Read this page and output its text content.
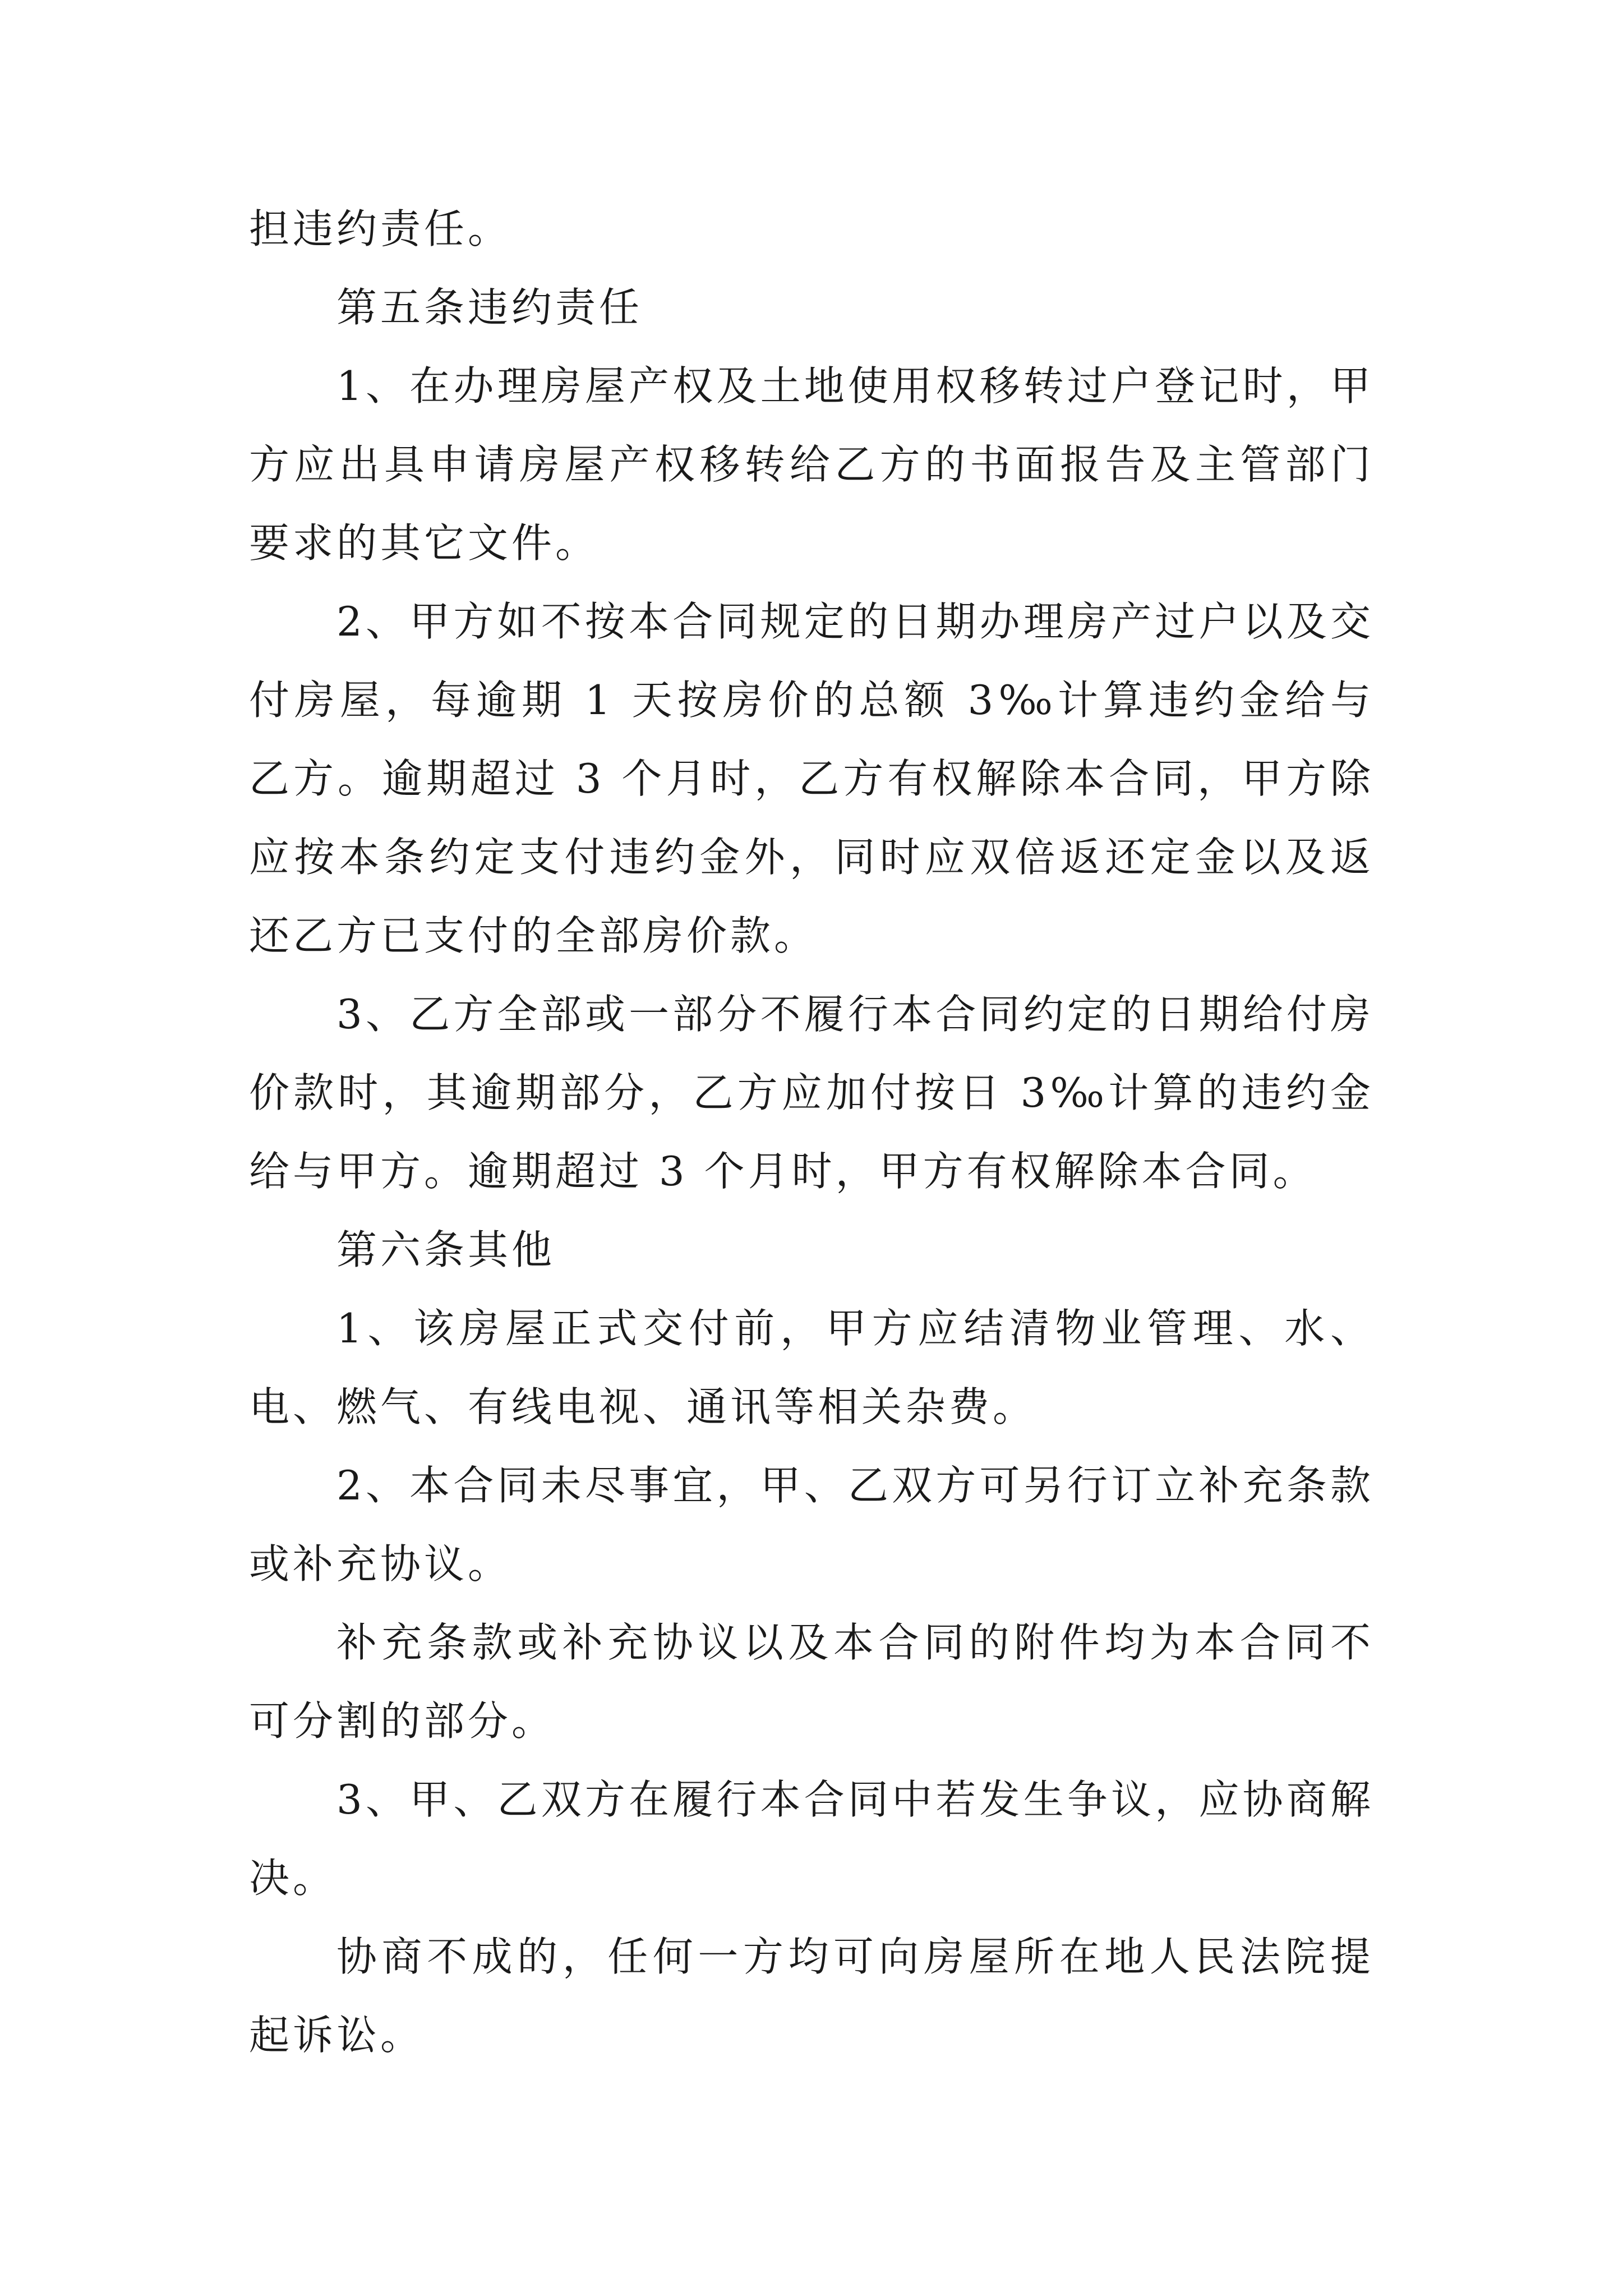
担违约责任。

第五条违约责任

1、在办理房屋产权及土地使用权移转过户登记时，甲方应出具申请房屋产权移转给乙方的书面报告及主管部门要求的其它文件。

2、甲方如不按本合同规定的日期办理房产过户以及交付房屋，每逾期 1 天按房价的总额 3‰计算违约金给与乙方。逾期超过 3 个月时，乙方有权解除本合同，甲方除应按本条约定支付违约金外，同时应双倍返还定金以及返还乙方已支付的全部房价款。

3、乙方全部或一部分不履行本合同约定的日期给付房价款时，其逾期部分，乙方应加付按日 3‰计算的违约金给与甲方。逾期超过 3 个月时，甲方有权解除本合同。

第六条其他

1、该房屋正式交付前，甲方应结清物业管理、水、电、燃气、有线电视、通讯等相关杂费。

2、本合同未尽事宜，甲、乙双方可另行订立补充条款或补充协议。

补充条款或补充协议以及本合同的附件均为本合同不可分割的部分。

3、甲、乙双方在履行本合同中若发生争议，应协商解决。

协商不成的，任何一方均可向房屋所在地人民法院提起诉讼。
